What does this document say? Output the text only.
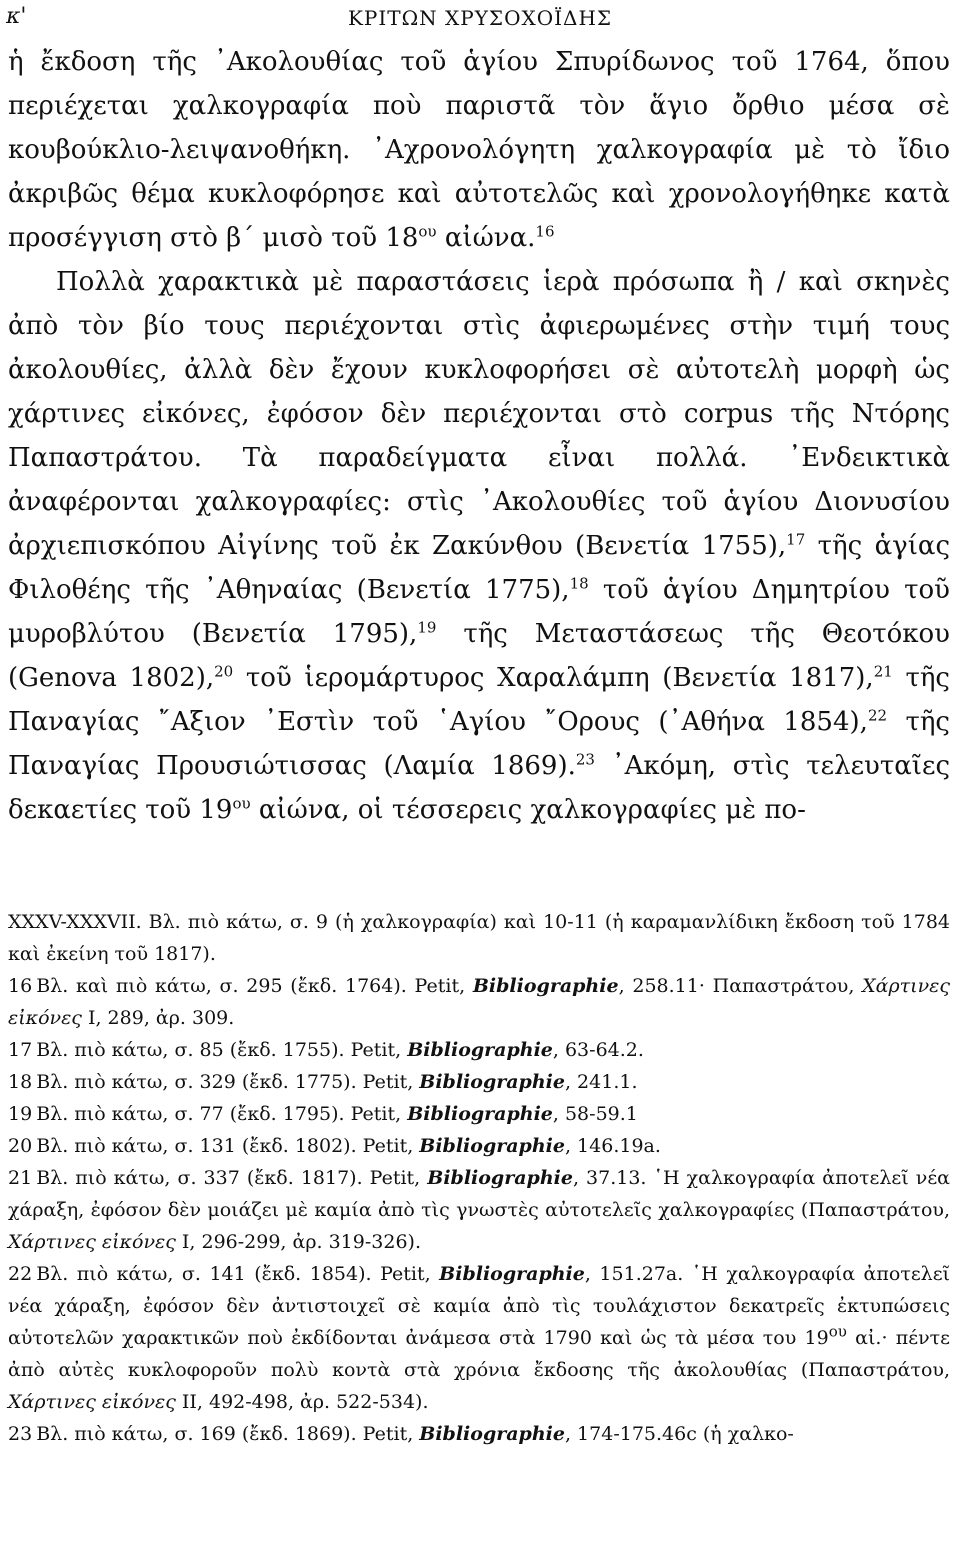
κ'	ΚΡΙΤΩΝ ΧΡΥΣΟΧΟΪΔΗΣ

ἡ ἔκδοση τῆς ᾿Ακολουθίας τοῦ ἁγίου Σπυρίδωνος τοῦ 1764, ὅπου περιέχεται χαλκογραφία ποὺ παριστᾶ τὸν ἅγιο ὄρθιο μέσα σὲ κουβούκλιο-λειψανοθήκη. ᾿Αχρονολόγητη χαλκογραφία μὲ τὸ ἴδιο ἀκριβῶς θέμα κυκλοφόρησε καὶ αὐτοτελῶς καὶ χρονολογήθηκε κατὰ προσέγγιση στὸ β΄ μισὸ τοῦ $18^{o\upsilon}$ αἰώνα.$^{16}$

Πολλὰ χαρακτικὰ μὲ παραστάσεις ἱερὰ πρόσωπα ἢ / καὶ σκηνὲς ἀπὸ τὸν βίο τους περιέχονται στὶς ἀφιερωμένες στὴν τιμή τους ἀκολουθίες, ἀλλὰ δὲν ἔχουν κυκλοφορήσει σὲ αὐτοτελὴ μορφὴ ὡς χάρτινες εἰκόνες, ἐφόσον δὲν περιέχονται στὸ corpus τῆς Ντόρης Παπαστράτου. Τὰ παραδείγματα εἶναι πολλά. ᾿Ενδεικτικὰ ἀναφέρονται χαλκογραφίες: στὶς ᾿Ακολουθίες τοῦ ἁγίου Διονυσίου ἀρχιεπισκόπου Αἰγίνης τοῦ ἐκ Ζακύνθου (Βενετία 1755),$^{17}$ τῆς ἁγίας Φιλοθέης τῆς ᾿Αθηναίας (Βενετία 1775),$^{18}$ τοῦ ἁγίου Δημητρίου τοῦ μυροβλύτου (Βενετία 1795),$^{19}$ τῆς Μεταστάσεως τῆς Θεοτόκου (Genova 1802),$^{20}$ τοῦ ἱερομάρτυρος Χαραλάμπη (Βενετία 1817),$^{21}$ τῆς Παναγίας ῎Αξιον ᾿Εστὶν τοῦ ῾Αγίου ῎Ορους (᾿Αθήνα 1854),$^{22}$ τῆς Παναγίας Προυσιώτισσας (Λαμία 1869).$^{23}$ ᾿Ακόμη, στὶς τελευταῖες δεκαετίες τοῦ $19^{o\upsilon}$ αἰώνα, οἱ τέσσερεις χαλκογραφίες μὲ πο-

XXXV-XXXVII. Βλ. πιὸ κάτω, σ. 9 (ἡ χαλκογραφία) καὶ 10-11 (ἡ καραμανλίδικη ἔκδοση τοῦ 1784 καὶ ἐκείνη τοῦ 1817).

16 Βλ. καὶ πιὸ κάτω, σ. 295 (ἔκδ. 1764). Petit, Bibliographie, 258.11· Παπαστράτου, Χάρτινες εἰκόνες I, 289, ἀρ. 309.

17 Βλ. πιὸ κάτω, σ. 85 (ἔκδ. 1755). Petit, Bibliographie, 63-64.2.

18 Βλ. πιὸ κάτω, σ. 329 (ἔκδ. 1775). Petit, Bibliographie, 241.1.

19 Βλ. πιὸ κάτω, σ. 77 (ἔκδ. 1795). Petit, Bibliographie, 58-59.1

20 Βλ. πιὸ κάτω, σ. 131 (ἔκδ. 1802). Petit, Bibliographie, 146.19a.

21 Βλ. πιὸ κάτω, σ. 337 (ἔκδ. 1817). Petit, Bibliographie, 37.13. ῾Η χαλκογραφία ἀποτελεῖ νέα χάραξη, ἐφόσον δὲν μοιάζει μὲ καμία ἀπὸ τὶς γνωστὲς αὐτοτελεῖς χαλκογραφίες (Παπαστράτου, Χάρτινες εἰκόνες I, 296-299, ἀρ. 319-326).

22 Βλ. πιὸ κάτω, σ. 141 (ἔκδ. 1854). Petit, Bibliographie, 151.27a. ῾Η χαλκογραφία ἀποτελεῖ νέα χάραξη, ἐφόσον δὲν ἀντιστοιχεῖ σὲ καμία ἀπὸ τὶς τουλάχιστον δεκατρεῖς ἐκτυπώσεις αὐτοτελῶν χαρακτικῶν ποὺ ἐκδίδονται ἀνάμεσα στὰ 1790 καὶ ὡς τὰ μέσα του $19^{o\upsilon}$ αἰ.· πέντε ἀπὸ αὐτὲς κυκλοφοροῦν πολὺ κοντὰ στὰ χρόνια ἔκδοσης τῆς ἀκολουθίας (Παπαστράτου, Χάρτινες εἰκόνες II, 492-498, ἀρ. 522-534).

23 Βλ. πιὸ κάτω, σ. 169 (ἔκδ. 1869). Petit, Bibliographie, 174-175.46c (ἡ χαλκο-
